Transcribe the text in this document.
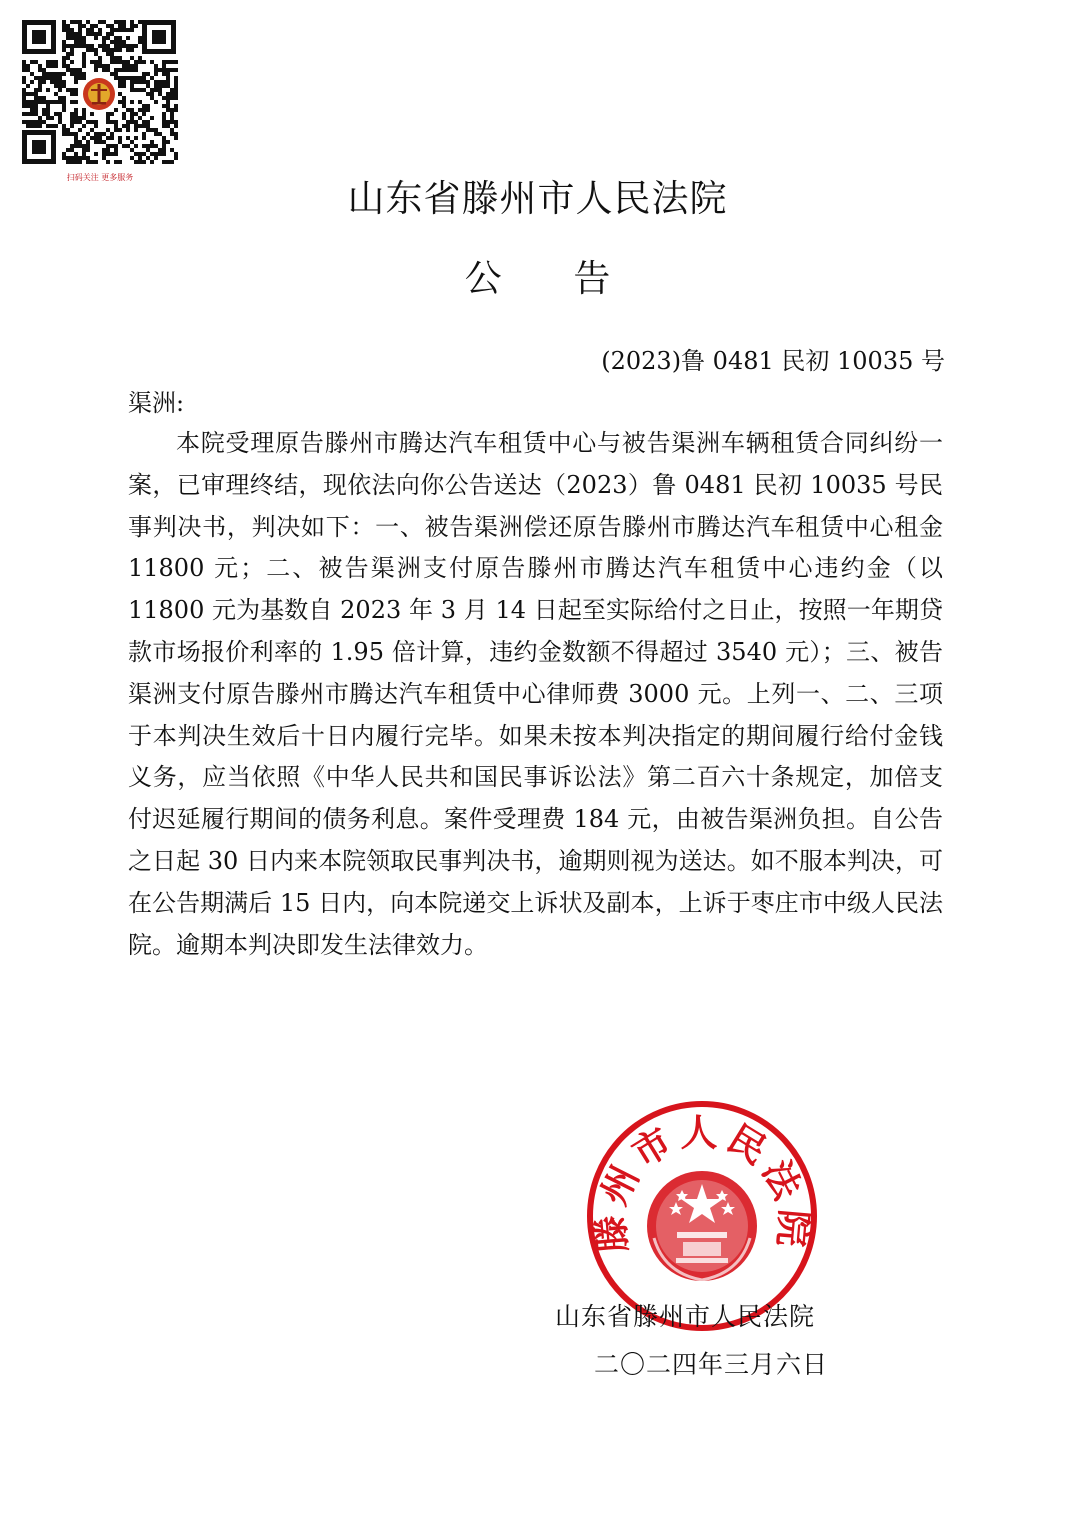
扫码关注 更多服务	山东省滕州市人民法院
公 告
(2023)鲁 0481 民初 10035 号
渠洲:

本院受理原告滕州市腾达汽车租赁中心与被告渠洲车辆租赁合同纠纷一案，已审理终结，现依法向你公告送达（2023）鲁 0481 民初 10035 号民事判决书，判决如下：一、被告渠洲偿还原告滕州市腾达汽车租赁中心租金 11800 元；二、被告渠洲支付原告滕州市腾达汽车租赁中心违约金（以 11800 元为基数自 2023 年 3 月 14 日起至实际给付之日止，按照一年期贷款市场报价利率的 1.95 倍计算，违约金数额不得超过 3540 元）；三、被告渠洲支付原告滕州市腾达汽车租赁中心律师费 3000 元。上列一、二、三项于本判决生效后十日内履行完毕。如果未按本判决指定的期间履行给付金钱义务，应当依照《中华人民共和国民事诉讼法》第二百六十条规定，加倍支付迟延履行期间的债务利息。案件受理费 184 元，由被告渠洲负担。自公告之日起 30 日内来本院领取民事判决书，逾期则视为送达。如不服本判决，可在公告期满后 15 日内，向本院递交上诉状及副本，上诉于枣庄市中级人民法院。逾期本判决即发生法律效力。

滕州市人民法院
山东省滕州市人民法院
二〇二四年三月六日
